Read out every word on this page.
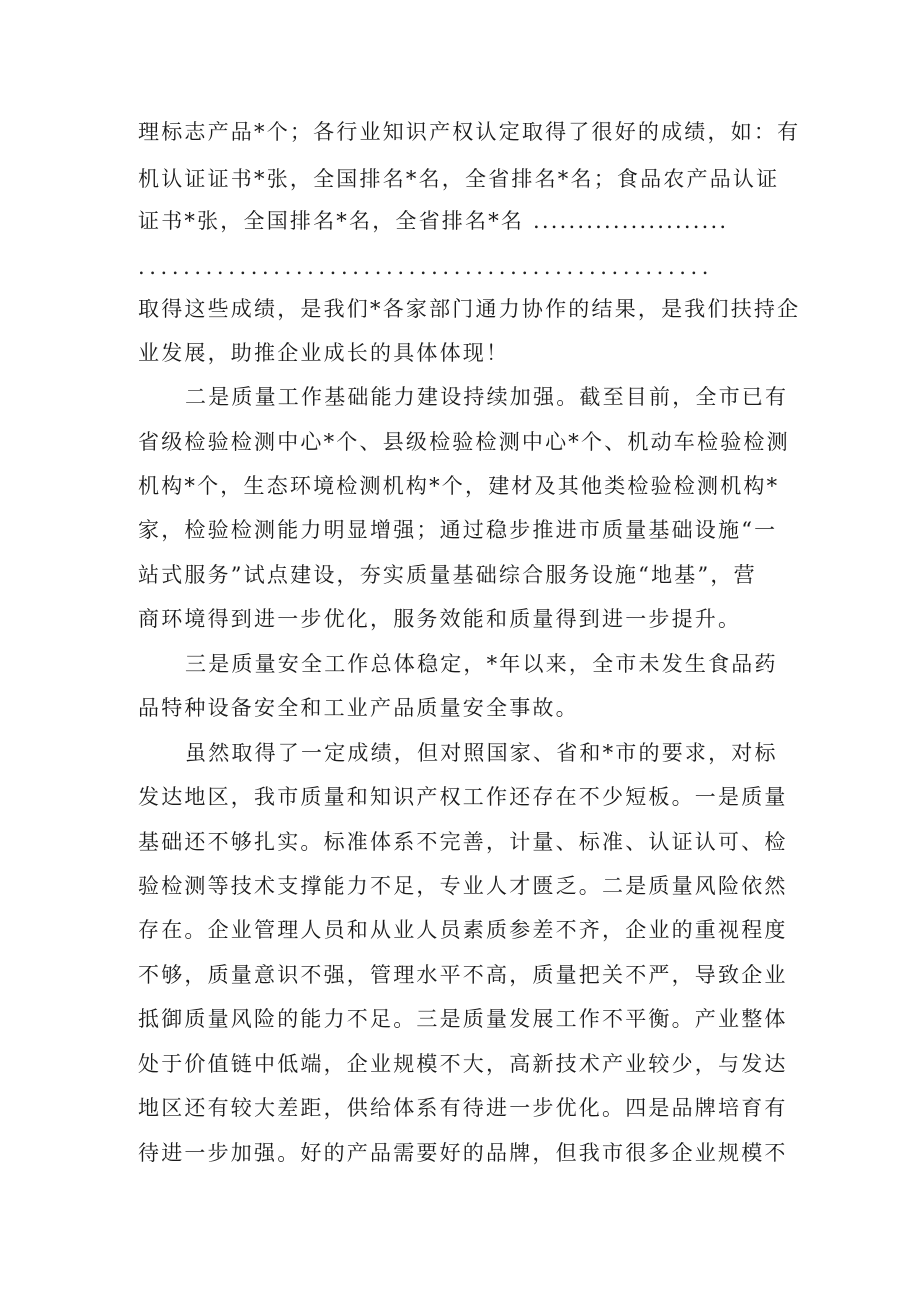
理标志产品*个；各行业知识产权认定取得了很好的成绩，如：有
机认证证书*张，全国排名*名，全省排名*名；食品农产品认证
证书*张，全国排名*名，全省排名*名 ......................
...................................................
取得这些成绩，是我们*各家部门通力协作的结果，是我们扶持企
业发展，助推企业成长的具体体现！
二是质量工作基础能力建设持续加强。截至目前，全市已有
省级检验检测中心*个、县级检验检测中心*个、机动车检验检测
机构*个，生态环境检测机构*个，建材及其他类检验检测机构*
家，检验检测能力明显增强；通过稳步推进市质量基础设施“一
站式服务”试点建设，夯实质量基础综合服务设施“地基”，营
商环境得到进一步优化，服务效能和质量得到进一步提升。
三是质量安全工作总体稳定，*年以来，全市未发生食品药
品特种设备安全和工业产品质量安全事故。
虽然取得了一定成绩，但对照国家、省和*市的要求，对标
发达地区，我市质量和知识产权工作还存在不少短板。一是质量
基础还不够扎实。标准体系不完善，计量、标准、认证认可、检
验检测等技术支撑能力不足，专业人才匮乏。二是质量风险依然
存在。企业管理人员和从业人员素质参差不齐，企业的重视程度
不够，质量意识不强，管理水平不高，质量把关不严，导致企业
抵御质量风险的能力不足。三是质量发展工作不平衡。产业整体
处于价值链中低端，企业规模不大，高新技术产业较少，与发达
地区还有较大差距，供给体系有待进一步优化。四是品牌培育有
待进一步加强。好的产品需要好的品牌，但我市很多企业规模不
